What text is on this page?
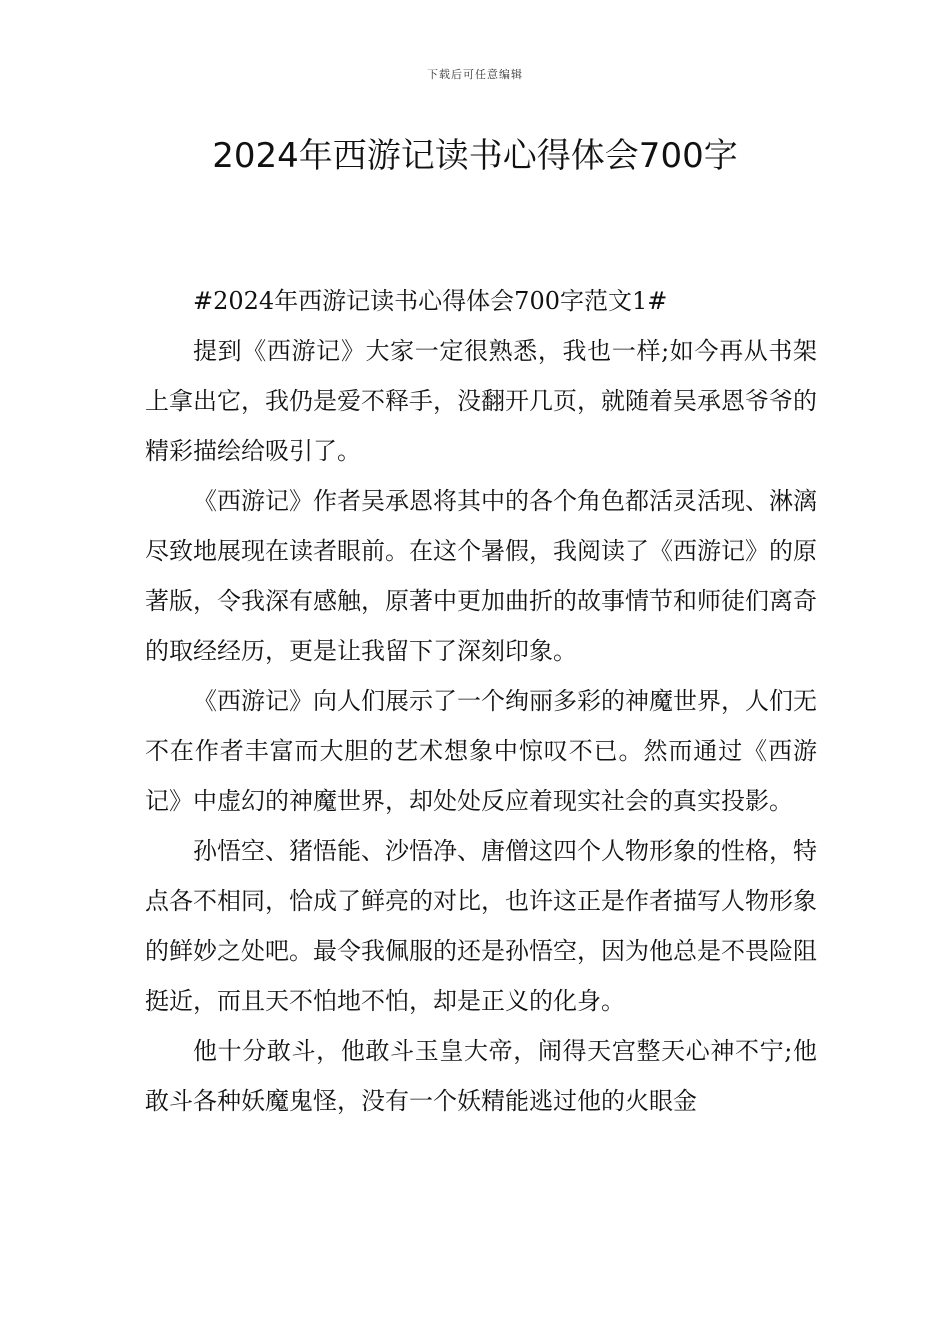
下载后可任意编辑
2024年西游记读书心得体会700字

#2024年西游记读书心得体会700字范文1#

提到《西游记》大家一定很熟悉，我也一样;如今再从书架上拿出它，我仍是爱不释手，没翻开几页，就随着吴承恩爷爷的精彩描绘给吸引了。

《西游记》作者吴承恩将其中的各个角色都活灵活现、淋漓尽致地展现在读者眼前。在这个暑假，我阅读了《西游记》的原著版，令我深有感触，原著中更加曲折的故事情节和师徒们离奇的取经经历，更是让我留下了深刻印象。

《西游记》向人们展示了一个绚丽多彩的神魔世界，人们无不在作者丰富而大胆的艺术想象中惊叹不已。然而通过《西游记》中虚幻的神魔世界，却处处反应着现实社会的真实投影。

孙悟空、猪悟能、沙悟净、唐僧这四个人物形象的性格，特点各不相同，恰成了鲜亮的对比，也许这正是作者描写人物形象的鲜妙之处吧。最令我佩服的还是孙悟空，因为他总是不畏险阻挺近，而且天不怕地不怕，却是正义的化身。

他十分敢斗，他敢斗玉皇大帝，闹得天宫整天心神不宁;他敢斗各种妖魔鬼怪，没有一个妖精能逃过他的火眼金
